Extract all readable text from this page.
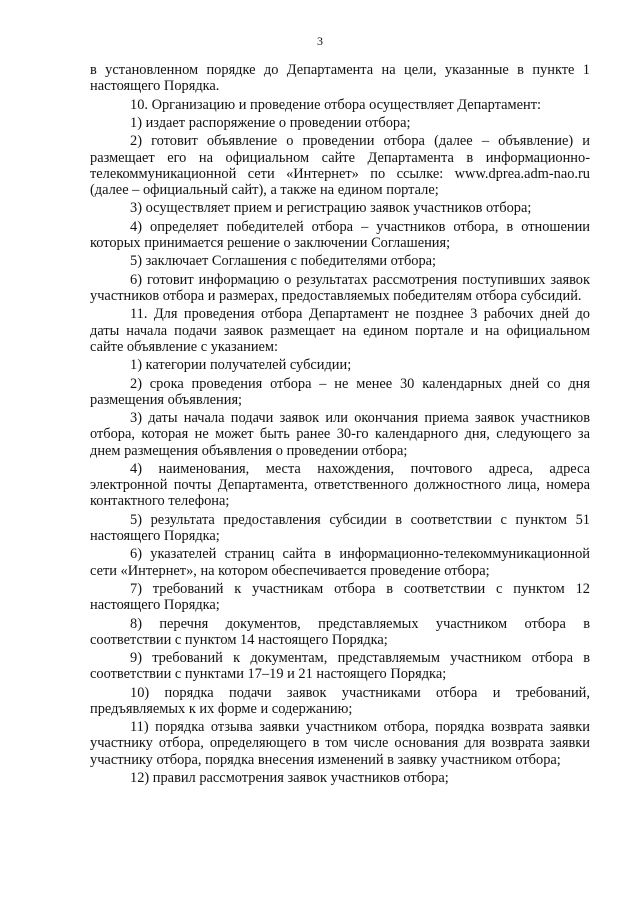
3

в установленном порядке до Департамента на цели, указанные в пункте 1 настоящего Порядка.

10. Организацию и проведение отбора осуществляет Департамент:

1) издает распоряжение о проведении отбора;

2) готовит объявление о проведении отбора (далее – объявление) и размещает его на официальном сайте Департамента в информационно-телекоммуникационной сети «Интернет» по ссылке: www.dprea.adm-nao.ru (далее – официальный сайт), а также на едином портале;

3) осуществляет прием и регистрацию заявок участников отбора;

4) определяет победителей отбора – участников отбора, в отношении которых принимается решение о заключении Соглашения;

5) заключает Соглашения с победителями отбора;

6) готовит информацию о результатах рассмотрения поступивших заявок участников отбора и размерах, предоставляемых победителям отбора субсидий.

11. Для проведения отбора Департамент не позднее 3 рабочих дней до даты начала подачи заявок размещает на едином портале и на официальном сайте объявление с указанием:

1) категории получателей субсидии;

2) срока проведения отбора – не менее 30 календарных дней со дня размещения объявления;

3) даты начала подачи заявок или окончания приема заявок участников отбора, которая не может быть ранее 30-го календарного дня, следующего за днем размещения объявления о проведении отбора;

4) наименования, места нахождения, почтового адреса, адреса электронной почты Департамента, ответственного должностного лица, номера контактного телефона;

5) результата предоставления субсидии в соответствии с пунктом 51 настоящего Порядка;

6) указателей страниц сайта в информационно-телекоммуникационной сети «Интернет», на котором обеспечивается проведение отбора;

7) требований к участникам отбора в соответствии с пунктом 12 настоящего Порядка;

8) перечня документов, представляемых участником отбора в соответствии с пунктом 14 настоящего Порядка;

9) требований к документам, представляемым участником отбора в соответствии с пунктами 17–19 и 21 настоящего Порядка;

10) порядка подачи заявок участниками отбора и требований, предъявляемых к их форме и содержанию;

11) порядка отзыва заявки участником отбора, порядка возврата заявки участнику отбора, определяющего в том числе основания для возврата заявки участнику отбора, порядка внесения изменений в заявку участником отбора;

12) правил рассмотрения заявок участников отбора;
